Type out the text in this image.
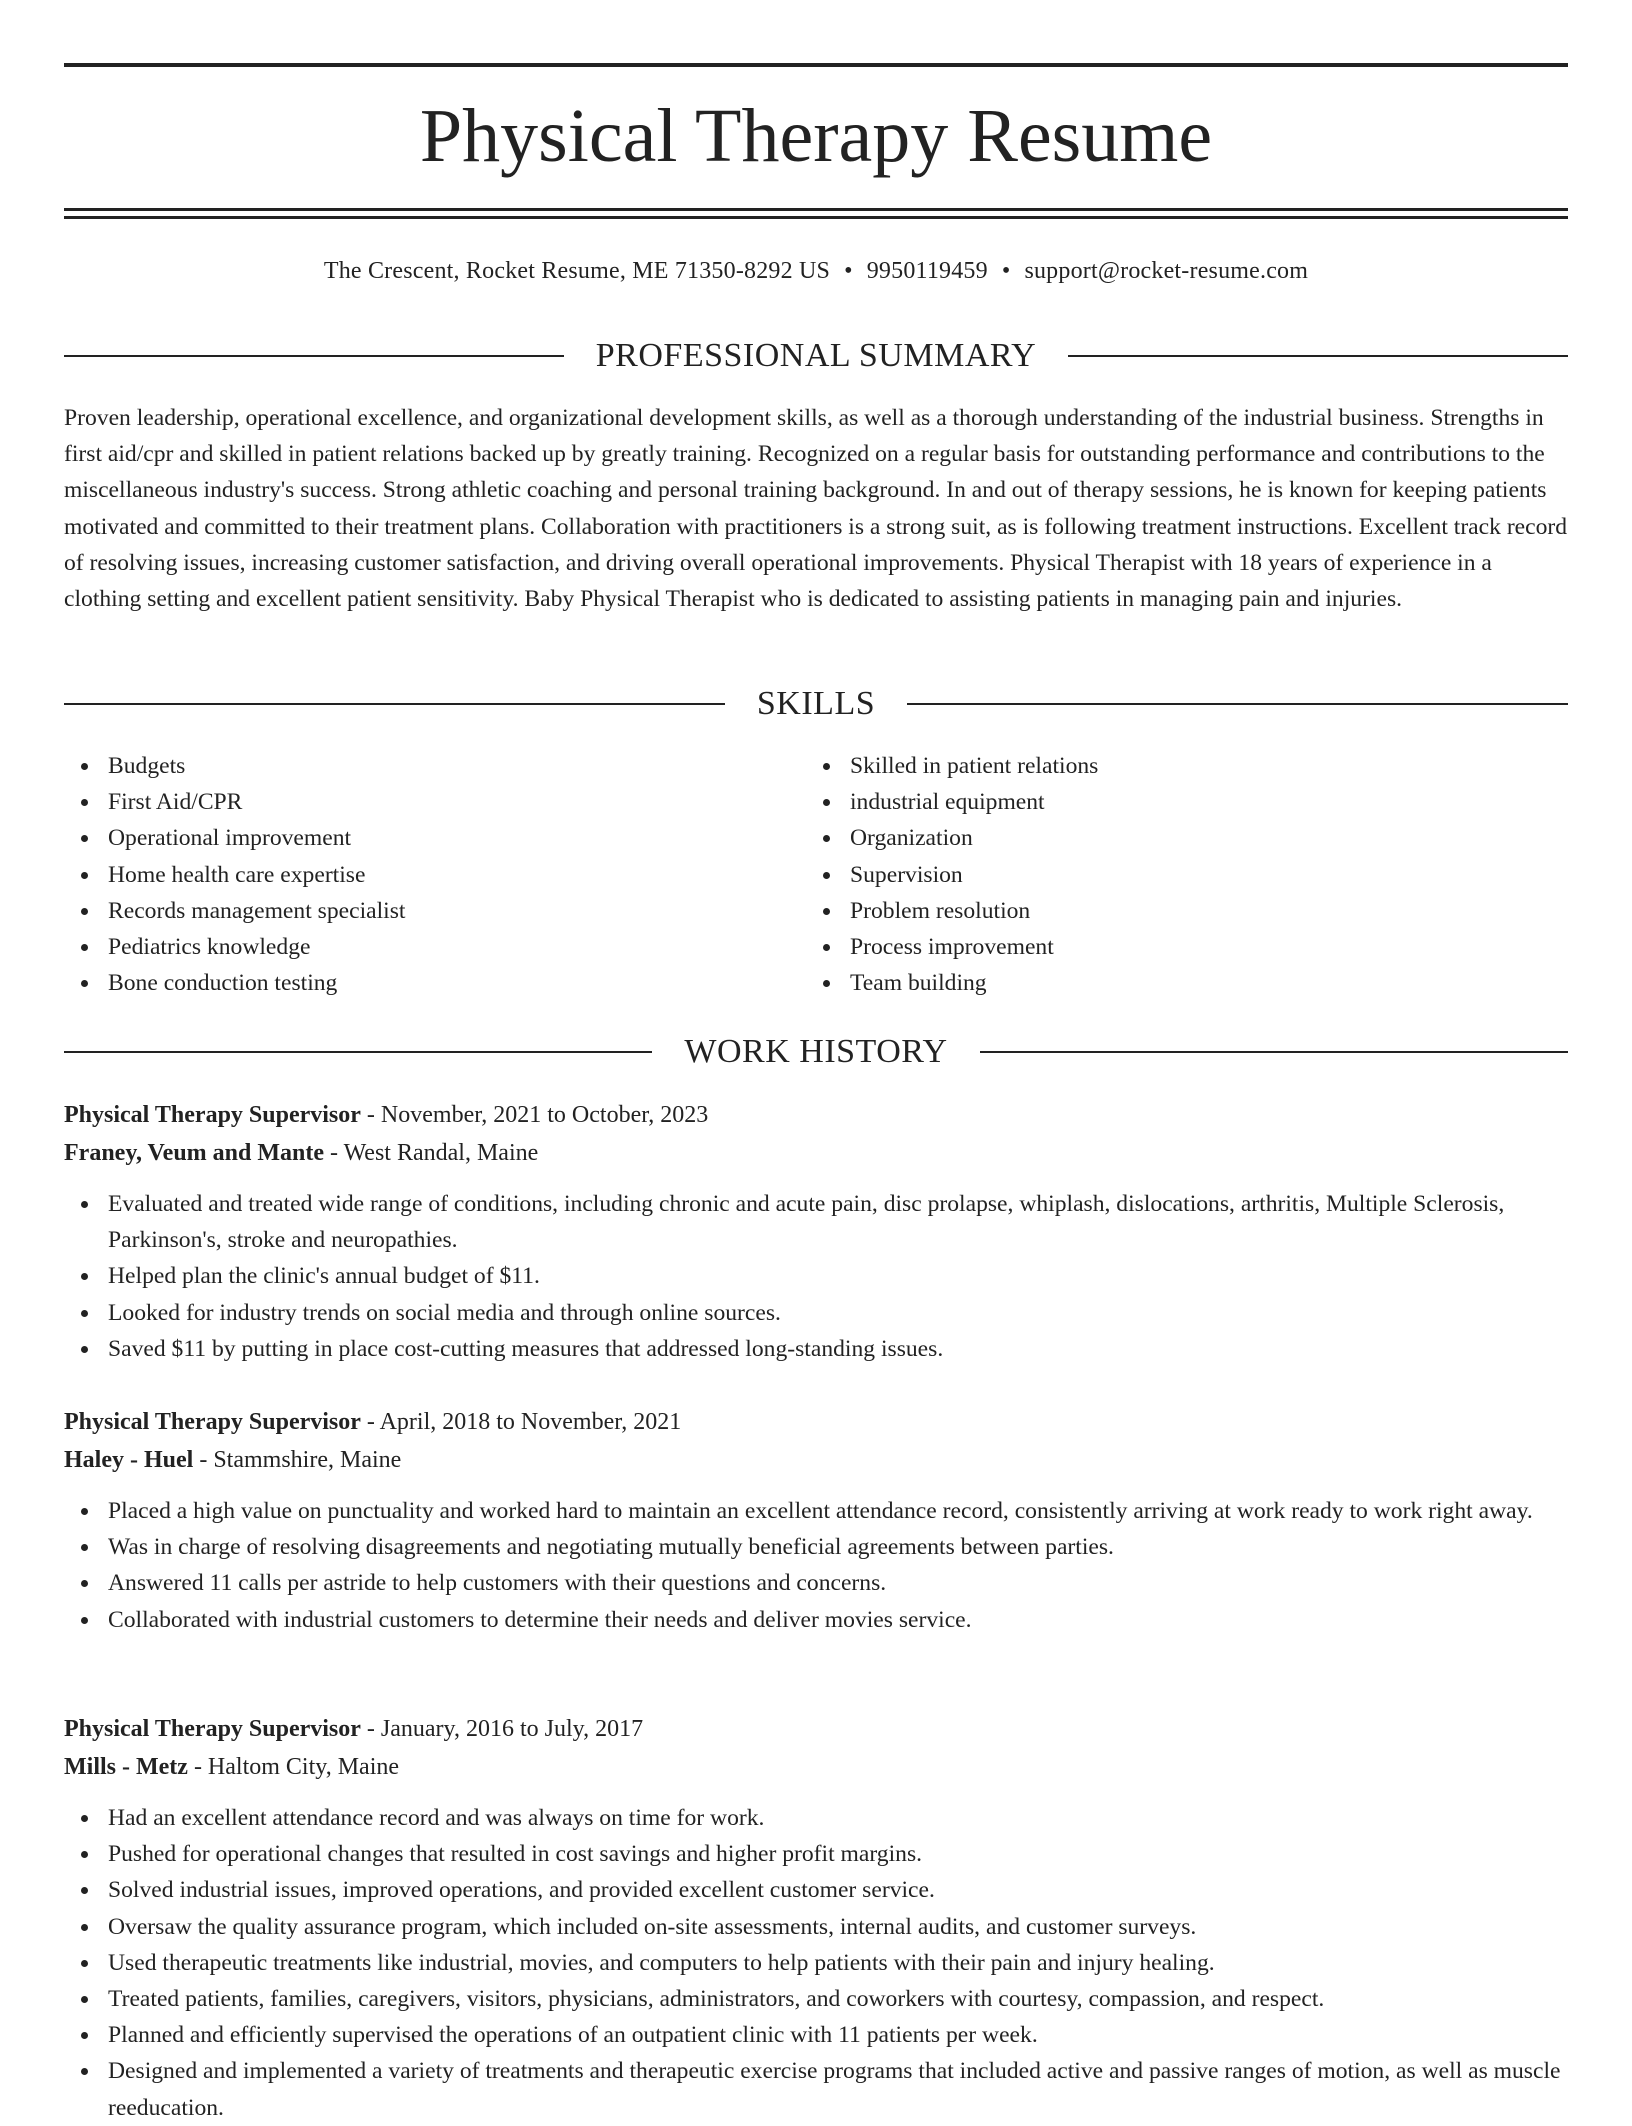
Physical Therapy Resume
The Crescent, Rocket Resume, ME 71350-8292 US • 9950119459 • support@rocket-resume.com
PROFESSIONAL SUMMARY

Proven leadership, operational excellence, and organizational development skills, as well as a thorough understanding of the industrial business. Strengths in first aid/cpr and skilled in patient relations backed up by greatly training. Recognized on a regular basis for outstanding performance and contributions to the miscellaneous industry's success. Strong athletic coaching and personal training background. In and out of therapy sessions, he is known for keeping patients motivated and committed to their treatment plans. Collaboration with practitioners is a strong suit, as is following treatment instructions. Excellent track record of resolving issues, increasing customer satisfaction, and driving overall operational improvements. Physical Therapist with 18 years of experience in a clothing setting and excellent patient sensitivity. Baby Physical Therapist who is dedicated to assisting patients in managing pain and injuries.

SKILLS
Budgets
First Aid/CPR
Operational improvement
Home health care expertise
Records management specialist
Pediatrics knowledge
Bone conduction testing
Skilled in patient relations
industrial equipment
Organization
Supervision
Problem resolution
Process improvement
Team building
WORK HISTORY
Physical Therapy Supervisor - November, 2021 to October, 2023
Franey, Veum and Mante - West Randal, Maine
Evaluated and treated wide range of conditions, including chronic and acute pain, disc prolapse, whiplash, dislocations, arthritis, Multiple Sclerosis, Parkinson's, stroke and neuropathies.
Helped plan the clinic's annual budget of $11.
Looked for industry trends on social media and through online sources.
Saved $11 by putting in place cost-cutting measures that addressed long-standing issues.
Physical Therapy Supervisor - April, 2018 to November, 2021
Haley - Huel - Stammshire, Maine
Placed a high value on punctuality and worked hard to maintain an excellent attendance record, consistently arriving at work ready to work right away.
Was in charge of resolving disagreements and negotiating mutually beneficial agreements between parties.
Answered 11 calls per astride to help customers with their questions and concerns.
Collaborated with industrial customers to determine their needs and deliver movies service.
Physical Therapy Supervisor - January, 2016 to July, 2017
Mills - Metz - Haltom City, Maine
Had an excellent attendance record and was always on time for work.
Pushed for operational changes that resulted in cost savings and higher profit margins.
Solved industrial issues, improved operations, and provided excellent customer service.
Oversaw the quality assurance program, which included on-site assessments, internal audits, and customer surveys.
Used therapeutic treatments like industrial, movies, and computers to help patients with their pain and injury healing.
Treated patients, families, caregivers, visitors, physicians, administrators, and coworkers with courtesy, compassion, and respect.
Planned and efficiently supervised the operations of an outpatient clinic with 11 patients per week.
Designed and implemented a variety of treatments and therapeutic exercise programs that included active and passive ranges of motion, as well as muscle reeducation.
